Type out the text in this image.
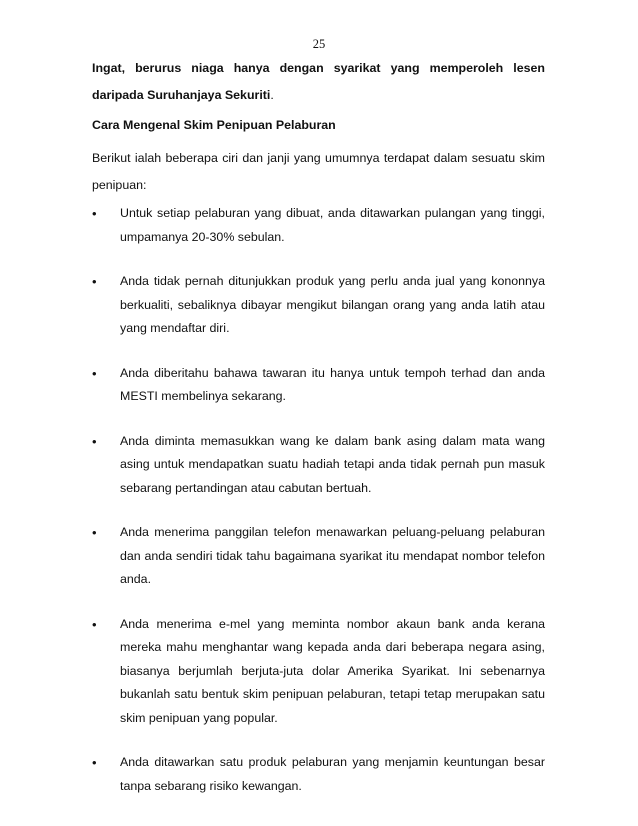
25

Ingat, berurus niaga hanya dengan syarikat yang memperoleh lesen daripada Suruhanjaya Sekuriti.

Cara Mengenal Skim Penipuan Pelaburan

Berikut ialah beberapa ciri dan janji yang umumnya terdapat dalam sesuatu skim penipuan:

•	Untuk setiap pelaburan yang dibuat, anda ditawarkan pulangan yang tinggi, umpamanya 20-30% sebulan.
•	Anda tidak pernah ditunjukkan produk yang perlu anda jual yang kononnya berkualiti, sebaliknya dibayar mengikut bilangan orang yang anda latih atau yang mendaftar diri.
•	Anda diberitahu bahawa tawaran itu hanya untuk tempoh terhad dan anda MESTI membelinya sekarang.
•	Anda diminta memasukkan wang ke dalam bank asing dalam mata wang asing untuk mendapatkan suatu hadiah tetapi anda tidak pernah pun masuk sebarang pertandingan atau cabutan bertuah.
•	Anda menerima panggilan telefon menawarkan peluang-peluang pelaburan dan anda sendiri tidak tahu bagaimana syarikat itu mendapat nombor telefon anda.
•	Anda menerima e-mel yang meminta nombor akaun bank anda kerana mereka mahu menghantar wang kepada anda dari beberapa negara asing, biasanya berjumlah berjuta-juta dolar Amerika Syarikat. Ini sebenarnya bukanlah satu bentuk skim penipuan pelaburan, tetapi tetap merupakan satu skim penipuan yang popular.
•	Anda ditawarkan satu produk pelaburan yang menjamin keuntungan besar tanpa sebarang risiko kewangan.
